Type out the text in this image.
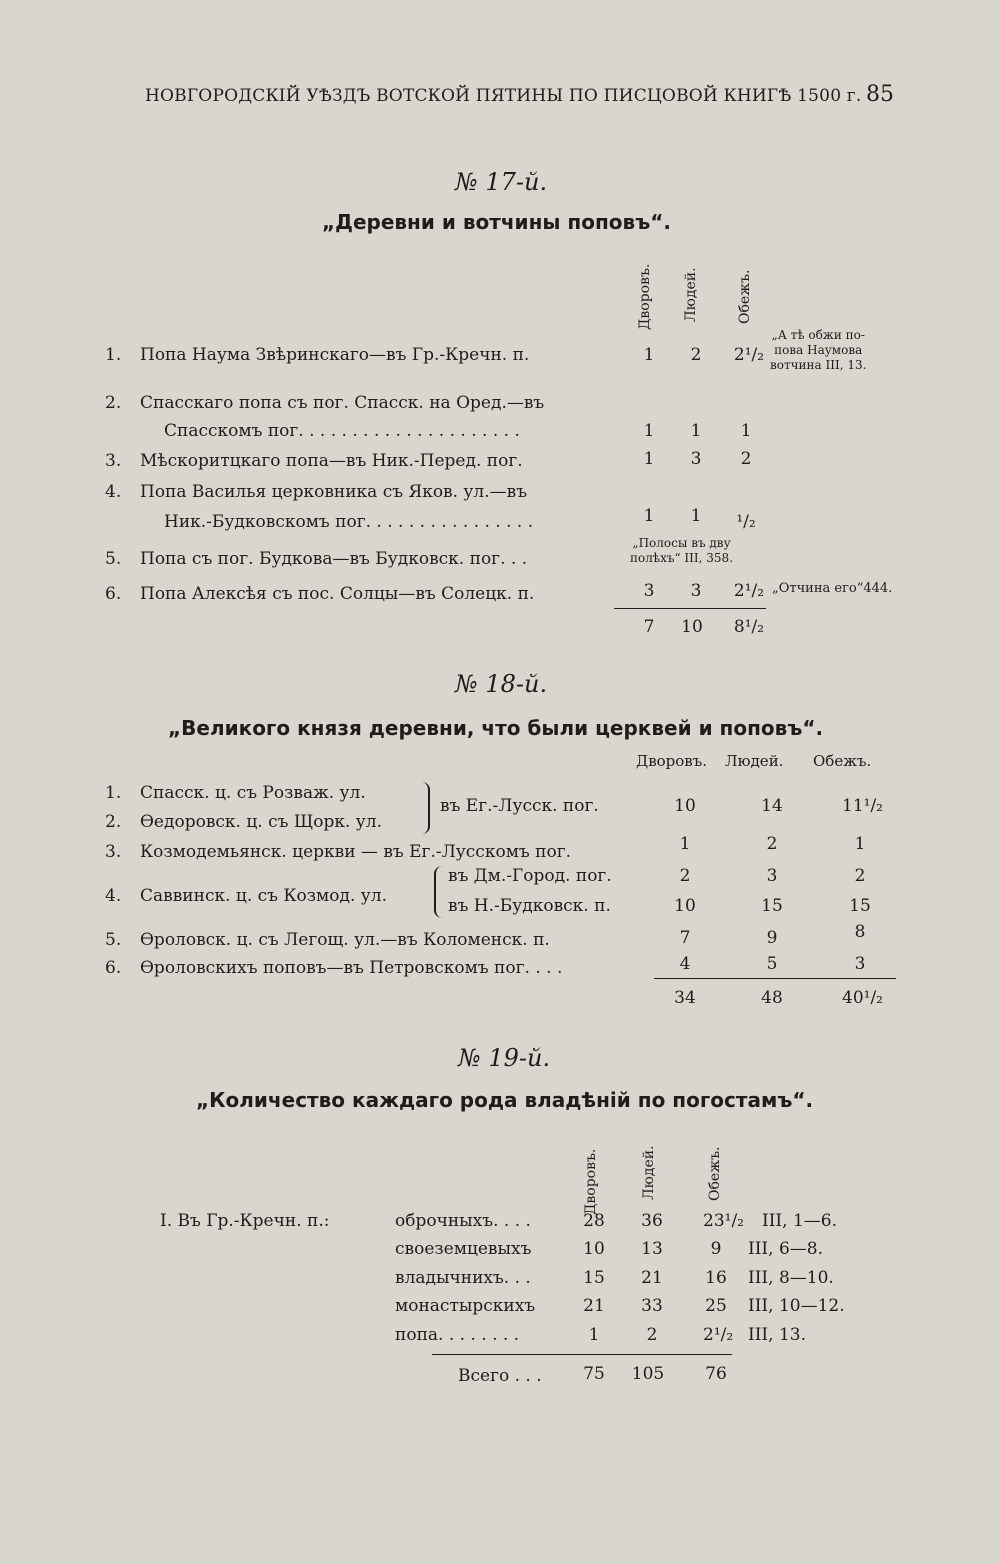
НОВГОРОДСКІЙ УѢЗДЪ ВОТСКОЙ ПЯТИНЫ ПО ПИСЦОВОЙ КНИГѢ 1500 г. 85
№ 17-й.
„Деревни и вотчины поповъ“.
Дворовъ. Людей.	Обежъ.
1. Попа Наума Звѣринскаго—въ Гр.-Кречн. п.	1	2	2¹/₂
„А тѣ обжи по-
пова Наумова
вотчина III, 13.
2. Спасскаго попа съ пог. Спасск. на Оред.—въ
Спасскомъ пог. . . . . . . . . . . . . . . . . . . . .	1	1	1
3. Мѣскоритцкаго попа—въ Ник.-Перед. пог.	1	3	2
4. Попа Василья церковника съ Яков. ул.—въ
Ник.-Будковскомъ пог. . . . . . . . . . . . . . . .	1	1	¹/₂
5. Попа съ пог. Будкова—въ Будковск. пог. . .
„Полосы въ дву
полѣхъ“ III, 358.
6. Попа Алексѣя съ пос. Солцы—въ Солецк. п.	3	3	2¹/₂ „Отчина его“444.
7	10	8¹/₂
№ 18-й.
„Великого князя деревни, что были церквей и поповъ“.
Дворовъ. Людей. Обежъ.
1. Спасск. ц. съ Розваж. ул.
2. Ѳедоровск. ц. съ Щорк. ул.
въ Ег.-Лусск. пог.	10	14	11¹/₂
3. Козмодемьянск. церкви — въ Ег.-Лусскомъ пог.	1	2	1
4. Саввинск. ц. съ Козмод. ул.
въ Дм.-Город. пог.
въ Н.-Будковск. п.
2	3	2
10	15	15
5. Ѳроловск. ц. съ Легощ. ул.—въ Коломенск. п.	7	9	8
6. Ѳроловскихъ поповъ—въ Петровскомъ пог. . . .	4	5	3
34	48	40¹/₂
№ 19-й.
„Количество каждаго рода владѣній по погостамъ“.
Дворовъ.	Людей.	Обежъ.
I. Въ Гр.-Кречн. п.:	оброчныхъ. . . .	28	36	23¹/₂ III, 1—6.
своеземцевыхъ	10	13	9	III, 6—8.
владычнихъ. . .	15	21	16	III, 8—10.
монастырскихъ	21	33	25	III, 10—12.
попа. . . . . . . .	1	2	2¹/₂ III, 13.
Всего . . .	75	105	76
